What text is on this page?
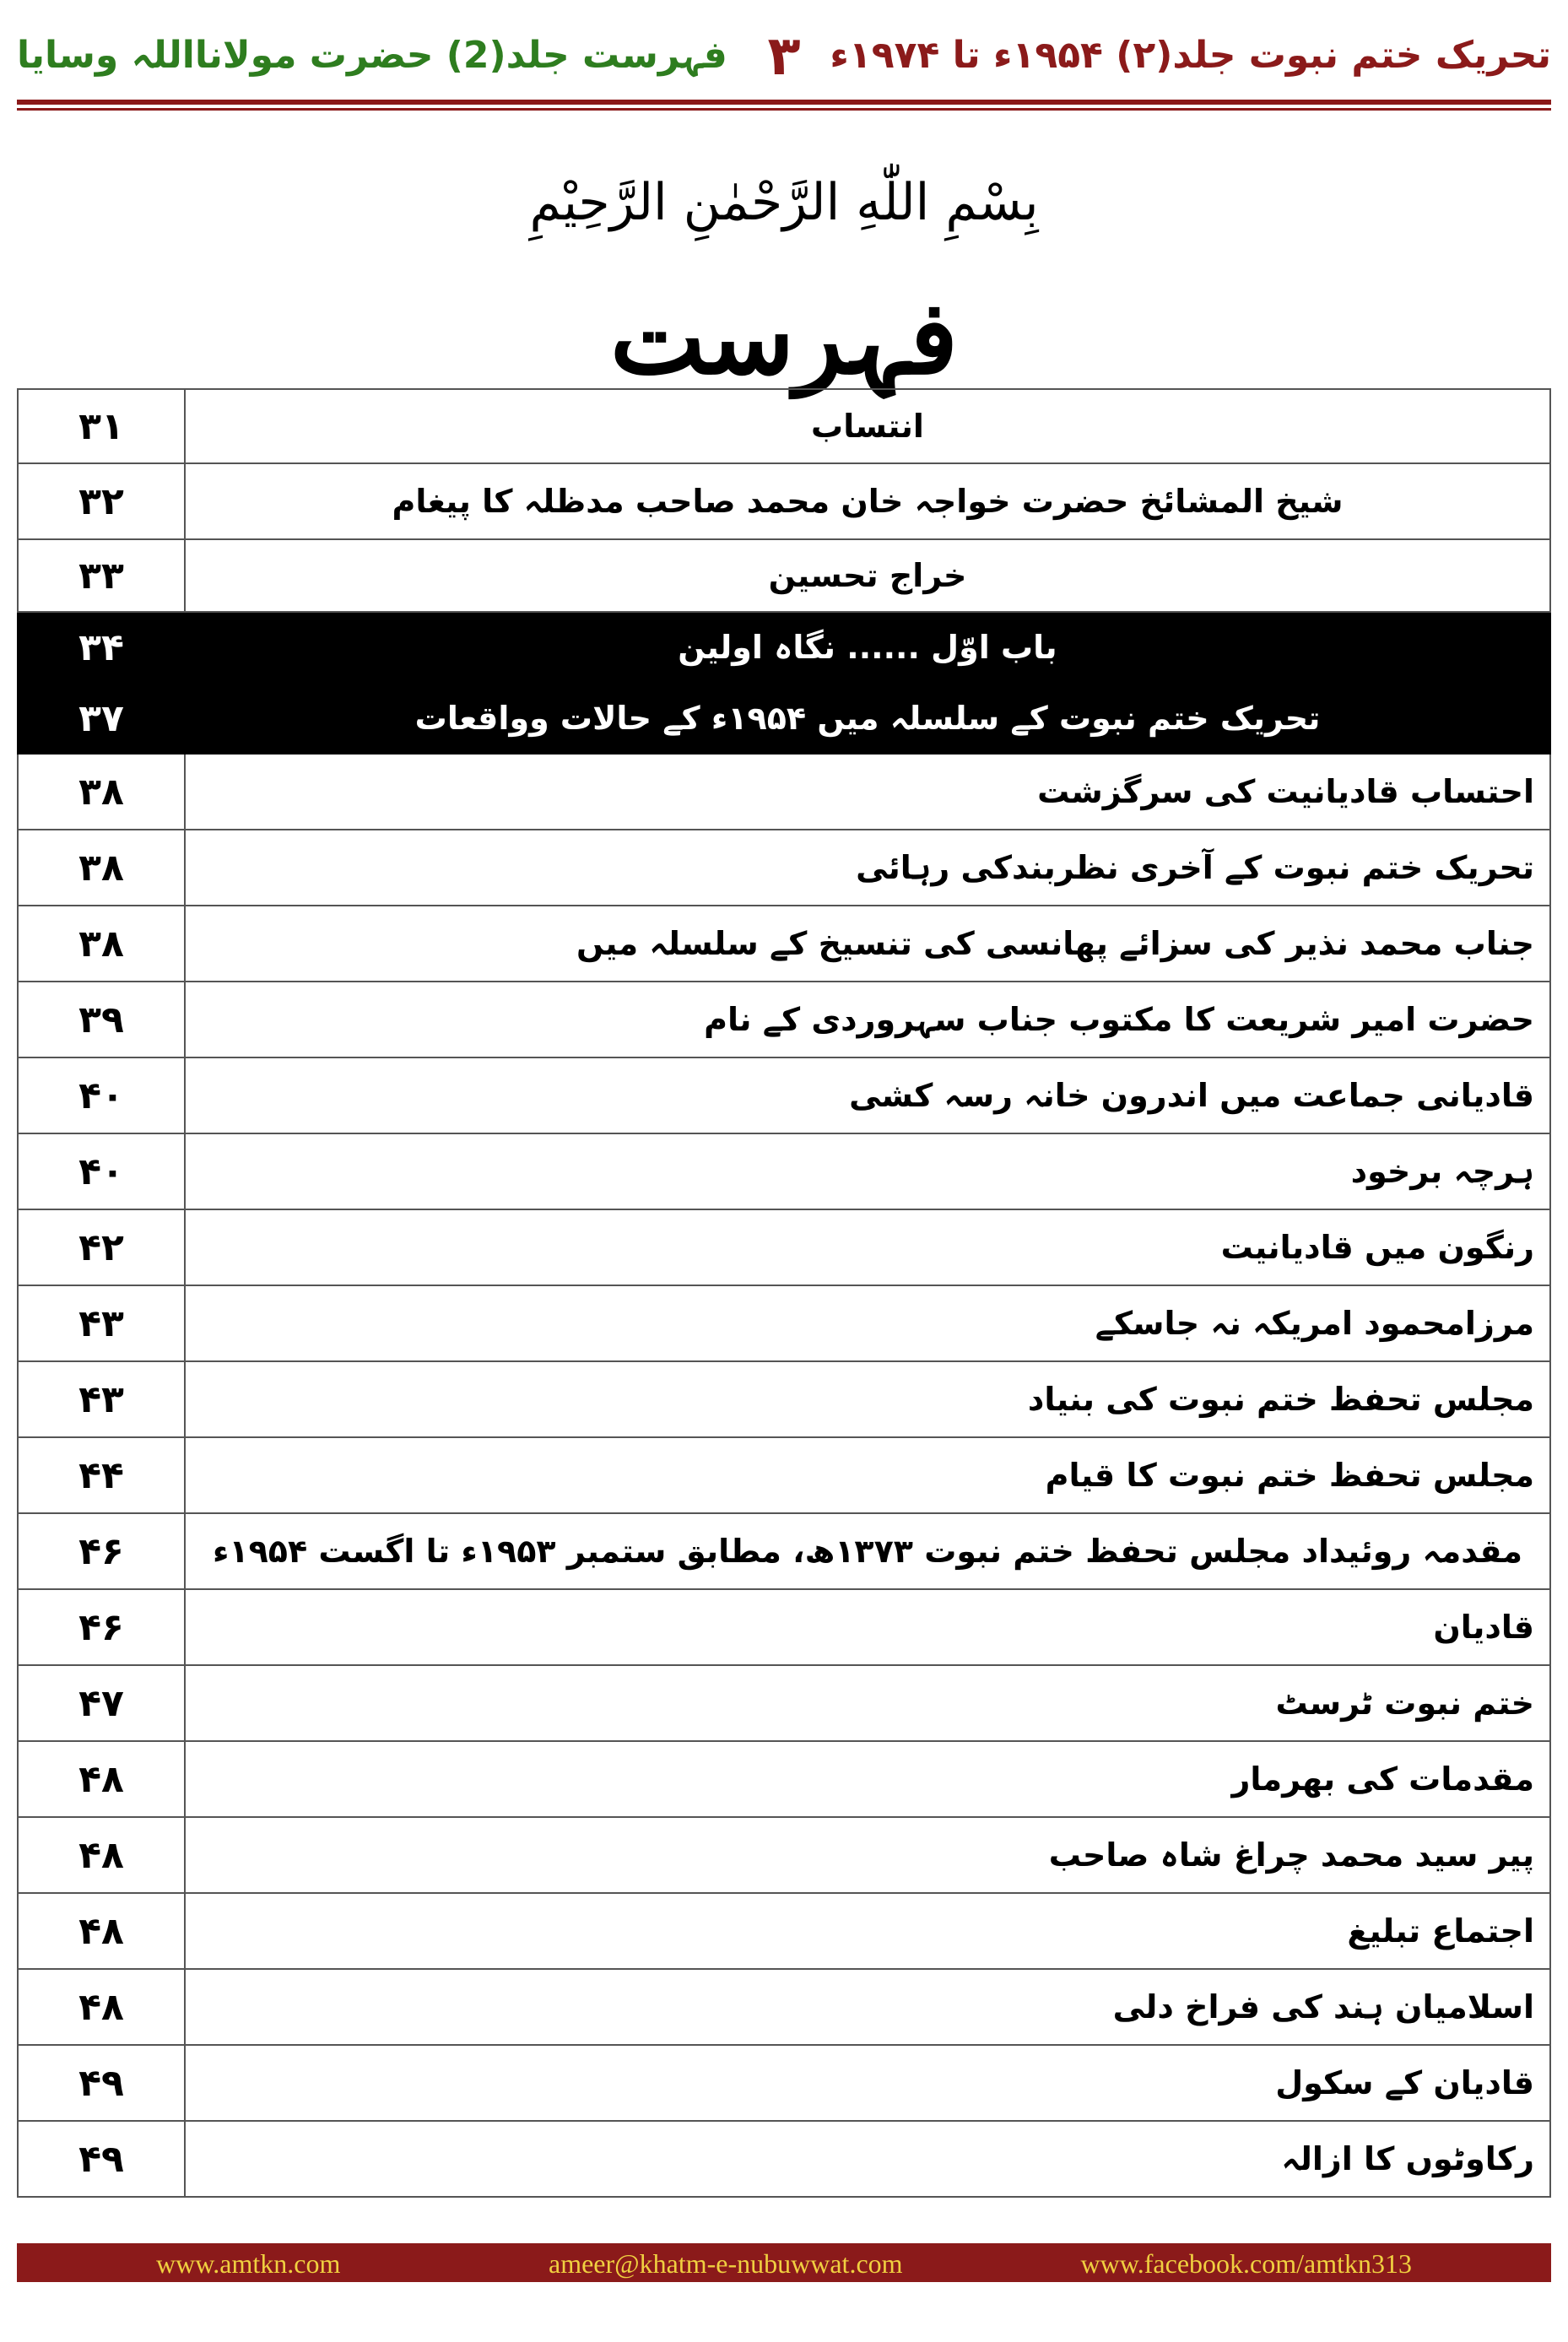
فہرست جلد(2) حضرت مولانااللہ وسایا ۳ تحریک ختم نبوت جلد(۲) ۱۹۵۴ء تا ۱۹۷۴ء
بِسْمِ اللّٰهِ الرَّحْمٰنِ الرَّحِیْمِ
فہرست
۳۱	انتساب
۳۲	شیخ المشائخ حضرت خواجہ خان محمد صاحب مدظلہ کا پیغام
۳۳	خراج تحسین
۳۴	باب اوّل ...... نگاہ اولین
۳۷	تحریک ختم نبوت کے سلسلہ میں ۱۹۵۴ء کے حالات وواقعات
۳۸	احتساب قادیانیت کی سرگزشت
۳۸	تحریک ختم نبوت کے آخری نظربندکی رہائی
۳۸	جناب محمد نذیر کی سزائے پھانسی کی تنسیخ کے سلسلہ میں
۳۹	حضرت امیر شریعت کا مکتوب جناب سہروردی کے نام
۴۰	قادیانی جماعت میں اندرون خانہ رسہ کشی
۴۰	ہرچہ برخود
۴۲	رنگون میں قادیانیت
۴۳	مرزامحمود امریکہ نہ جاسکے
۴۳	مجلس تحفظ ختم نبوت کی بنیاد
۴۴	مجلس تحفظ ختم نبوت کا قیام
۴۶	مقدمہ روئیداد مجلس تحفظ ختم نبوت ۱۳۷۳ھ، مطابق ستمبر ۱۹۵۳ء تا اگست ۱۹۵۴ء
۴۶	قادیان
۴۷	ختم نبوت ٹرسٹ
۴۸	مقدمات کی بھرمار
۴۸	پیر سید محمد چراغ شاہ صاحب
۴۸	اجتماع تبلیغ
۴۸	اسلامیان ہند کی فراخ دلی
۴۹	قادیان کے سکول
۴۹	رکاوٹوں کا ازالہ
www.amtkn.com	ameer@khatm-e-nubuwwat.com	www.facebook.com/amtkn313
